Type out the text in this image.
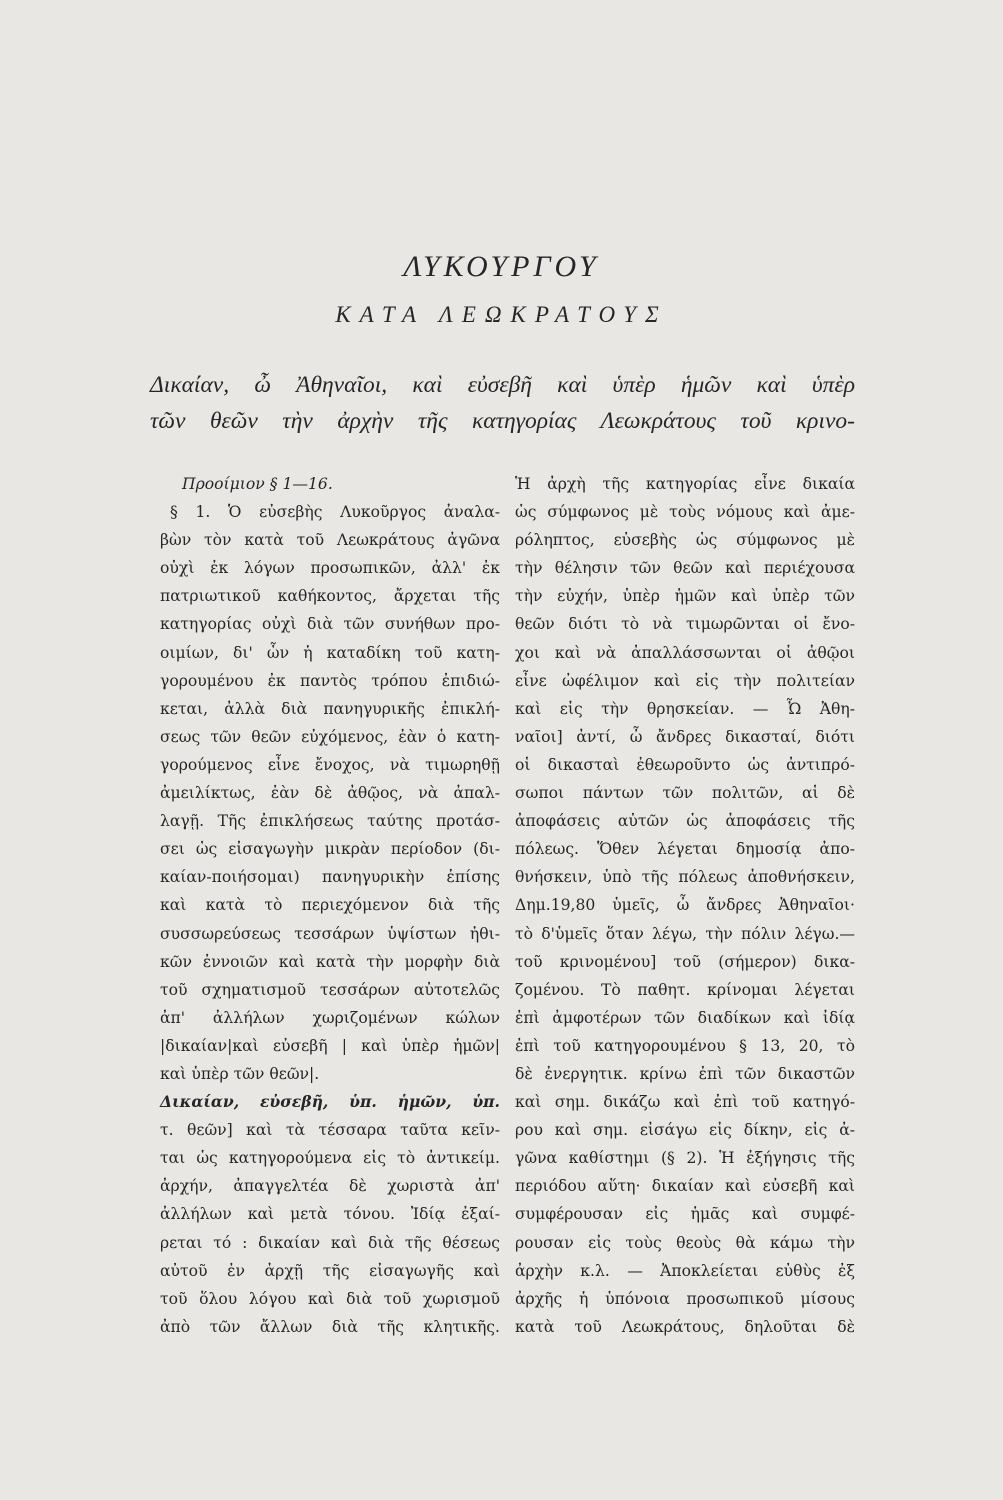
ΛΥΚΟΥΡΓΟΥ
ΚΑΤΑ ΛΕΩΚΡΑΤΟΥΣ

Δικαίαν, ὦ Ἀθηναῖοι, καὶ εὐσεβῆ καὶ ὑπὲρ ἡμῶν καὶ ὑπὲρ
τῶν θεῶν τὴν ἀρχὴν τῆς κατηγορίας Λεωκράτους τοῦ κρινο-

Προοίμιον § 1—16.
§ 1. Ὁ εὐσεβὴς Λυκοῦργος ἀναλα-
βὼν τὸν κατὰ τοῦ Λεωκράτους ἀγῶνα
οὐχὶ ἐκ λόγων προσωπικῶν, ἀλλ' ἐκ
πατριωτικοῦ καθήκοντος, ἄρχεται τῆς
κατηγορίας οὐχὶ διὰ τῶν συνήθων προ-
οιμίων, δι' ὧν ἡ καταδίκη τοῦ κατη-
γορουμένου ἐκ παντὸς τρόπου ἐπιδιώ-
κεται, ἀλλὰ διὰ πανηγυρικῆς ἐπικλή-
σεως τῶν θεῶν εὐχόμενος, ἐὰν ὁ κατη-
γορούμενος εἶνε ἔνοχος, νὰ τιμωρηθῇ
ἀμειλίκτως, ἐὰν δὲ ἀθῷος, νὰ ἀπαλ-
λαγῇ. Τῆς ἐπικλήσεως ταύτης προτάσ-
σει ὡς εἰσαγωγὴν μικρὰν περίοδον (δι-
καίαν-ποιήσομαι) πανηγυρικὴν ἐπίσης
καὶ κατὰ τὸ περιεχόμενον διὰ τῆς
συσσωρεύσεως τεσσάρων ὑψίστων ἠθι-
κῶν ἐννοιῶν καὶ κατὰ τὴν μορφὴν διὰ
τοῦ σχηματισμοῦ τεσσάρων αὐτοτελῶς
ἀπ' ἀλλήλων χωριζομένων κώλων
|δικαίαν|καὶ εὐσεβῆ | καὶ ὑπὲρ ἡμῶν|
καὶ ὑπὲρ τῶν θεῶν|.
Δικαίαν, εὐσεβῆ, ὑπ. ἡμῶν, ὑπ.
τ. θεῶν] καὶ τὰ τέσσαρα ταῦτα κεῖν-
ται ὡς κατηγορούμενα εἰς τὸ ἀντικείμ.
ἀρχήν, ἀπαγγελτέα δὲ χωριστὰ ἀπ'
ἀλλήλων καὶ μετὰ τόνου. Ἰδίᾳ ἐξαί-
ρεται τό : δικαίαν καὶ διὰ τῆς θέσεως
αὐτοῦ ἐν ἀρχῇ τῆς εἰσαγωγῆς καὶ
τοῦ ὅλου λόγου καὶ διὰ τοῦ χωρισμοῦ
ἀπὸ τῶν ἄλλων διὰ τῆς κλητικῆς.
Ἡ ἀρχὴ τῆς κατηγορίας εἶνε δικαία
ὡς σύμφωνος μὲ τοὺς νόμους καὶ ἀμε-
ρόληπτος, εὐσεβὴς ὡς σύμφωνος μὲ
τὴν θέλησιν τῶν θεῶν καὶ περιέχουσα
τὴν εὐχήν, ὑπὲρ ἡμῶν καὶ ὑπὲρ τῶν
θεῶν διότι τὸ νὰ τιμωρῶνται οἱ ἔνο-
χοι καὶ νὰ ἀπαλλάσσωνται οἱ ἀθῷοι
εἶνε ὠφέλιμον καὶ εἰς τὴν πολιτείαν
καὶ εἰς τὴν θρησκείαν. — Ὦ Ἀθη-
ναῖοι] ἀντί, ὦ ἄνδρες δικασταί, διότι
οἱ δικασταὶ ἐθεωροῦντο ὡς ἀντιπρό-
σωποι πάντων τῶν πολιτῶν, αἱ δὲ
ἀποφάσεις αὐτῶν ὡς ἀποφάσεις τῆς
πόλεως. Ὅθεν λέγεται δημοσίᾳ ἀπο-
θνήσκειν, ὑπὸ τῆς πόλεως ἀποθνήσκειν,
Δημ.19,80 ὑμεῖς, ὦ ἄνδρες Ἀθηναῖοι·
τὸ δ'ὑμεῖς ὅταν λέγω, τὴν πόλιν λέγω.—
τοῦ κρινομένου] τοῦ (σήμερον) δικα-
ζομένου. Τὸ παθητ. κρίνομαι λέγεται
ἐπὶ ἀμφοτέρων τῶν διαδίκων καὶ ἰδίᾳ
ἐπὶ τοῦ κατηγορουμένου § 13, 20, τὸ
δὲ ἐνεργητικ. κρίνω ἐπὶ τῶν δικαστῶν
καὶ σημ. δικάζω καὶ ἐπὶ τοῦ κατηγό-
ρου καὶ σημ. εἰσάγω εἰς δίκην, εἰς ἀ-
γῶνα καθίστημι (§ 2). Ἡ ἐξήγησις τῆς
περιόδου αὕτη· δικαίαν καὶ εὐσεβῆ καὶ
συμφέρουσαν εἰς ἡμᾶς καὶ συμφέ-
ρουσαν εἰς τοὺς θεοὺς θὰ κάμω τὴν
ἀρχὴν κ.λ. — Ἀποκλείεται εὐθὺς ἐξ
ἀρχῆς ἡ ὑπόνοια προσωπικοῦ μίσους
κατὰ τοῦ Λεωκράτους, δηλοῦται δὲ
